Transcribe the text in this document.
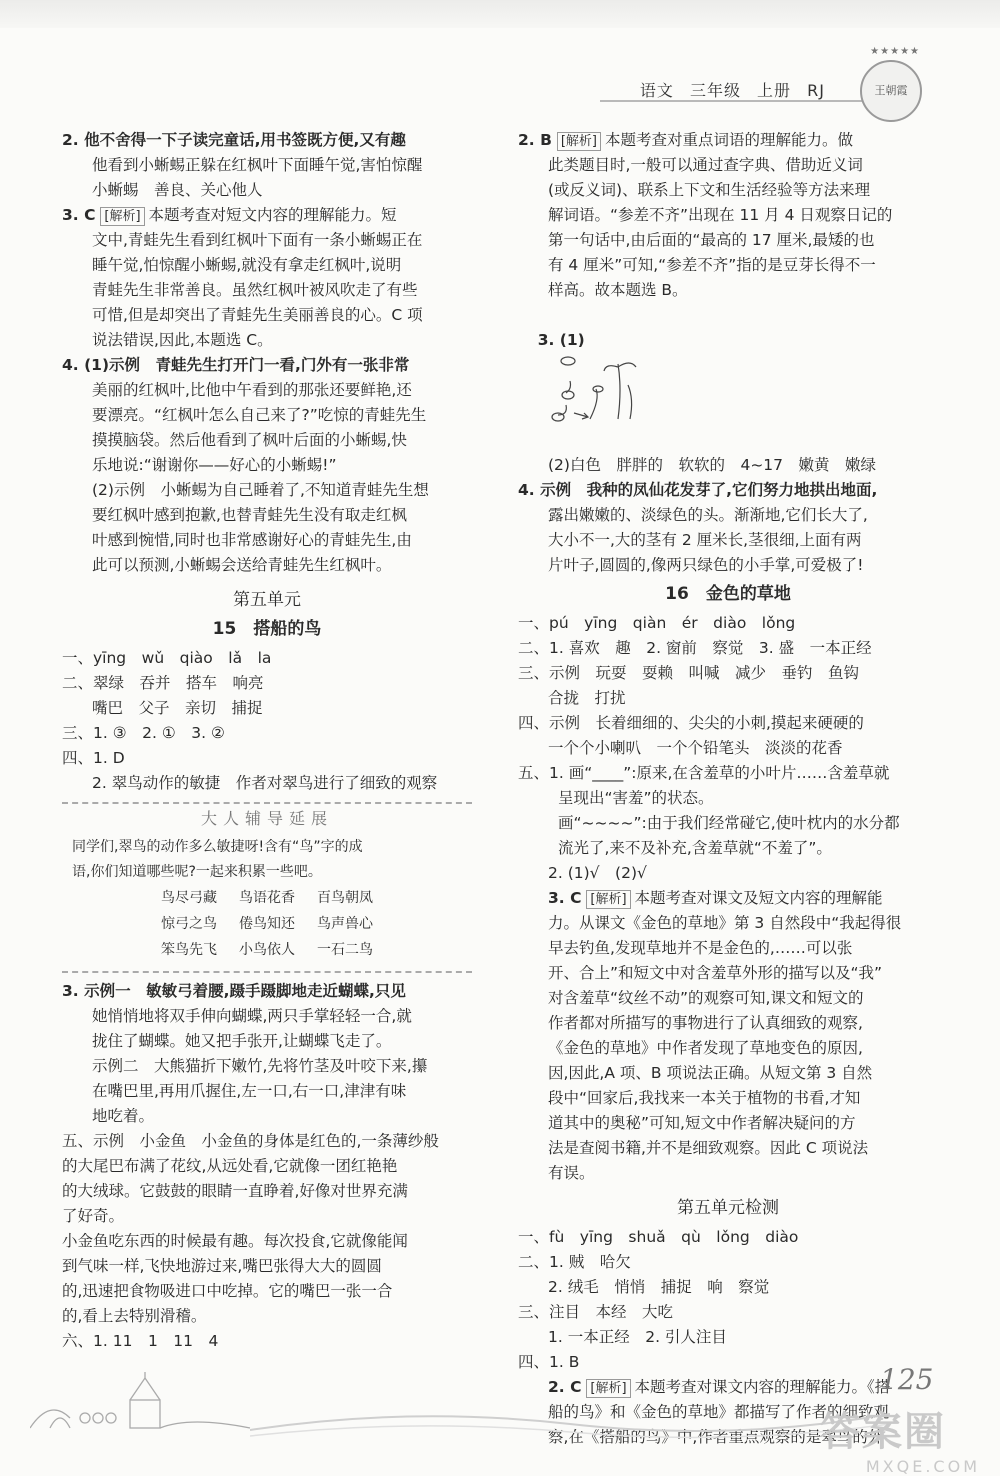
语文 三年级 上册 RJ
★★★★★
王朝霞
2. 他不舍得一下子读完童话,用书签既方便,又有趣
他看到小蜥蜴正躲在红枫叶下面睡午觉,害怕惊醒
小蜥蜴　善良、关心他人
3. C [解析] 本题考查对短文内容的理解能力。短
文中,青蛙先生看到红枫叶下面有一条小蜥蜴正在
睡午觉,怕惊醒小蜥蜴,就没有拿走红枫叶,说明
青蛙先生非常善良。虽然红枫叶被风吹走了有些
可惜,但是却突出了青蛙先生美丽善良的心。C 项
说法错误,因此,本题选 C。
4. (1)示例　青蛙先生打开门一看,门外有一张非常
美丽的红枫叶,比他中午看到的那张还要鲜艳,还
要漂亮。“红枫叶怎么自己来了?”吃惊的青蛙先生
摸摸脑袋。然后他看到了枫叶后面的小蜥蜴,快
乐地说:“谢谢你——好心的小蜥蜴!”
(2)示例　小蜥蜴为自己睡着了,不知道青蛙先生想
要红枫叶感到抱歉,也替青蛙先生没有取走红枫
叶感到惋惜,同时也非常感谢好心的青蛙先生,由
此可以预测,小蜥蜴会送给青蛙先生红枫叶。
第五单元
15　搭船的鸟
一、yīng　wǔ　qiào　lǎ　la
二、翠绿　吞并　搭车　响亮
嘴巴　父子　亲切　捕捉
三、1. ③　2. ①　3. ②
四、1. D
2. 翠鸟动作的敏捷　作者对翠鸟进行了细致的观察
大人辅导延展
同学们,翠鸟的动作多么敏捷呀!含有“鸟”字的成
语,你们知道哪些呢?一起来积累一些吧。
鸟尽弓藏 鸟语花香 百鸟朝凤
惊弓之鸟 倦鸟知还 鸟声兽心
笨鸟先飞 小鸟依人 一石二鸟
3. 示例一　敏敏弓着腰,蹑手蹑脚地走近蝴蝶,只见
她悄悄地将双手伸向蝴蝶,两只手掌轻轻一合,就
拢住了蝴蝶。她又把手张开,让蝴蝶飞走了。
示例二　大熊猫折下嫩竹,先将竹茎及叶咬下来,攥
在嘴巴里,再用爪握住,左一口,右一口,津津有味
地吃着。
五、示例　小金鱼　小金鱼的身体是红色的,一条薄纱般
的大尾巴布满了花纹,从远处看,它就像一团红艳艳
的大绒球。它鼓鼓的眼睛一直睁着,好像对世界充满
了好奇。
小金鱼吃东西的时候最有趣。每次投食,它就像能闻
到气味一样,飞快地游过来,嘴巴张得大大的圆圆
的,迅速把食物吸进口中吃掉。它的嘴巴一张一合
的,看上去特别滑稽。
六、1. 11　1　11　4
2. B [解析] 本题考查对重点词语的理解能力。做
此类题目时,一般可以通过查字典、借助近义词
(或反义词)、联系上下文和生活经验等方法来理
解词语。“参差不齐”出现在 11 月 4 日观察日记的
第一句话中,由后面的“最高的 17 厘米,最矮的也
有 4 厘米”可知,“参差不齐”指的是豆芽长得不一
样高。故本题选 B。

3. (1)

(2)白色　胖胖的　软软的　4~17　嫩黄　嫩绿
4. 示例　我种的凤仙花发芽了,它们努力地拱出地面,
露出嫩嫩的、淡绿色的头。渐渐地,它们长大了,
大小不一,大的茎有 2 厘米长,茎很细,上面有两
片叶子,圆圆的,像两只绿色的小手掌,可爱极了!
16　金色的草地
一、pú　yīng　qiàn　ér　diào　lǒng
二、1. 喜欢　趣　2. 窗前　察觉　3. 盛　一本正经
三、示例　玩耍　耍赖　叫喊　减少　垂钓　鱼钩
合拢　打扰
四、示例　长着细细的、尖尖的小刺,摸起来硬硬的
一个个小喇叭　一个个铅笔头　淡淡的花香
五、1. 画“____”:原来,在含羞草的小叶片……含羞草就
呈现出“害羞”的状态。
画“~~~~”:由于我们经常碰它,使叶枕内的水分都
流光了,来不及补充,含羞草就“不羞了”。
2. (1)√　(2)√
3. C [解析] 本题考查对课文及短文内容的理解能
力。从课文《金色的草地》第 3 自然段中“我起得很
早去钓鱼,发现草地并不是金色的,……可以张
开、合上”和短文中对含羞草外形的描写以及“我”
对含羞草“纹丝不动”的观察可知,课文和短文的
作者都对所描写的事物进行了认真细致的观察,
《金色的草地》中作者发现了草地变色的原因,
因,因此,A 项、B 项说法正确。从短文第 3 自然
段中“回家后,我找来一本关于植物的书看,才知
道其中的奥秘”可知,短文中作者解决疑问的方
法是查阅书籍,并不是细致观察。因此 C 项说法
有误。
第五单元检测
一、fù　yīng　shuǎ　qù　lǒng　diào
二、1. 贼　哈欠
2. 绒毛　悄悄　捕捉　响　察觉
三、注目　本经　大吃
1. 一本正经　2. 引人注目
四、1. B
2. C [解析] 本题考查对课文内容的理解能力。《搭
船的鸟》和《金色的草地》都描写了作者的细致观
察,在《搭船的鸟》中,作者重点观察的是翠鸟的外
125
答案圈
MXQE.COM
